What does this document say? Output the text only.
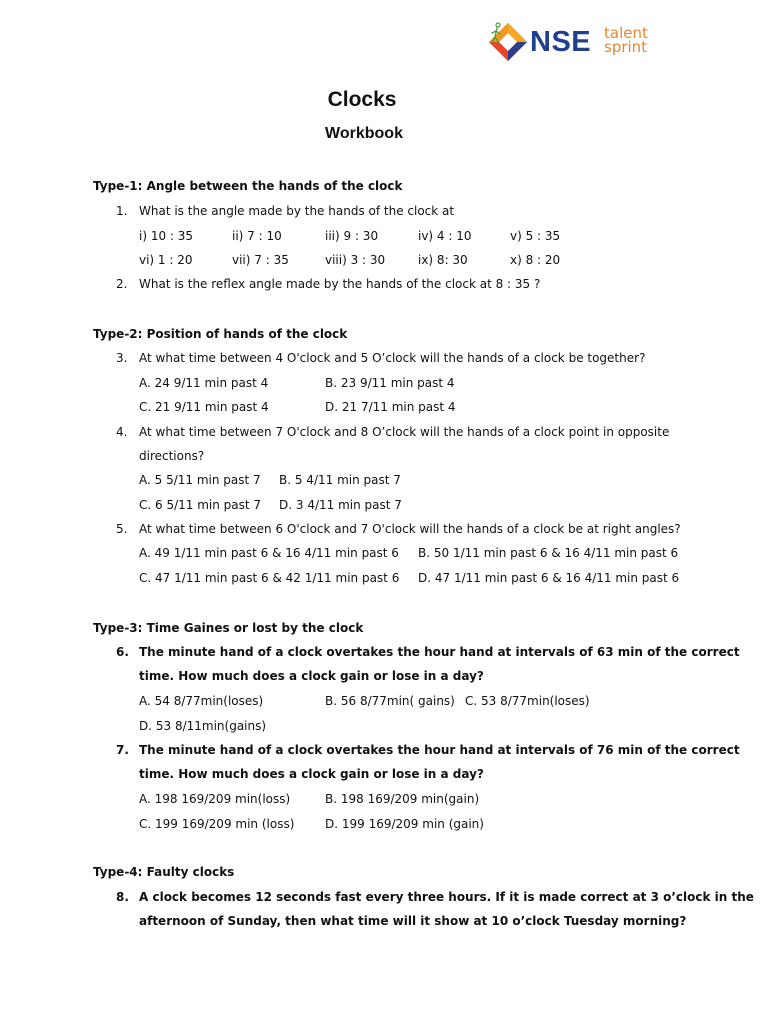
NSE talent
sprint
Clocks
Workbook
Type-1: Angle between the hands of the clock
1. What is the angle made by the hands of the clock at
i) 10 : 35	ii) 7 : 10	iii) 9 : 30	iv) 4 : 10	v) 5 : 35
vi) 1 : 20	vii) 7 : 35	viii) 3 : 30	ix) 8: 30	x) 8 : 20
2. What is the reflex angle made by the hands of the clock at 8 : 35 ?
Type-2: Position of hands of the clock
3. At what time between 4 O'clock and 5 O’clock will the hands of a clock be together?
A. 24 9/11 min past 4	B. 23 9/11 min past 4
C. 21 9/11 min past 4	D. 21 7/11 min past 4
4. At what time between 7 O'clock and 8 O’clock will the hands of a clock point in opposite
directions?
A. 5 5/11 min past 7 B. 5 4/11 min past 7
C. 6 5/11 min past 7 D. 3 4/11 min past 7
5. At what time between 6 O'clock and 7 O'clock will the hands of a clock be at right angles?
A. 49 1/11 min past 6 & 16 4/11 min past 6 B. 50 1/11 min past 6 & 16 4/11 min past 6
C. 47 1/11 min past 6 & 42 1/11 min past 6 D. 47 1/11 min past 6 & 16 4/11 min past 6
Type-3: Time Gaines or lost by the clock
6. The minute hand of a clock overtakes the hour hand at intervals of 63 min of the correct
time. How much does a clock gain or lose in a day?
A. 54 8/77min(loses)	B. 56 8/77min( gains) C. 53 8/77min(loses)
D. 53 8/11min(gains)
7. The minute hand of a clock overtakes the hour hand at intervals of 76 min of the correct
time. How much does a clock gain or lose in a day?
A. 198 169/209 min(loss)	B. 198 169/209 min(gain)
C. 199 169/209 min (loss)	D. 199 169/209 min (gain)
Type-4: Faulty clocks
8. A clock becomes 12 seconds fast every three hours. If it is made correct at 3 o’clock in the
afternoon of Sunday, then what time will it show at 10 o’clock Tuesday morning?
